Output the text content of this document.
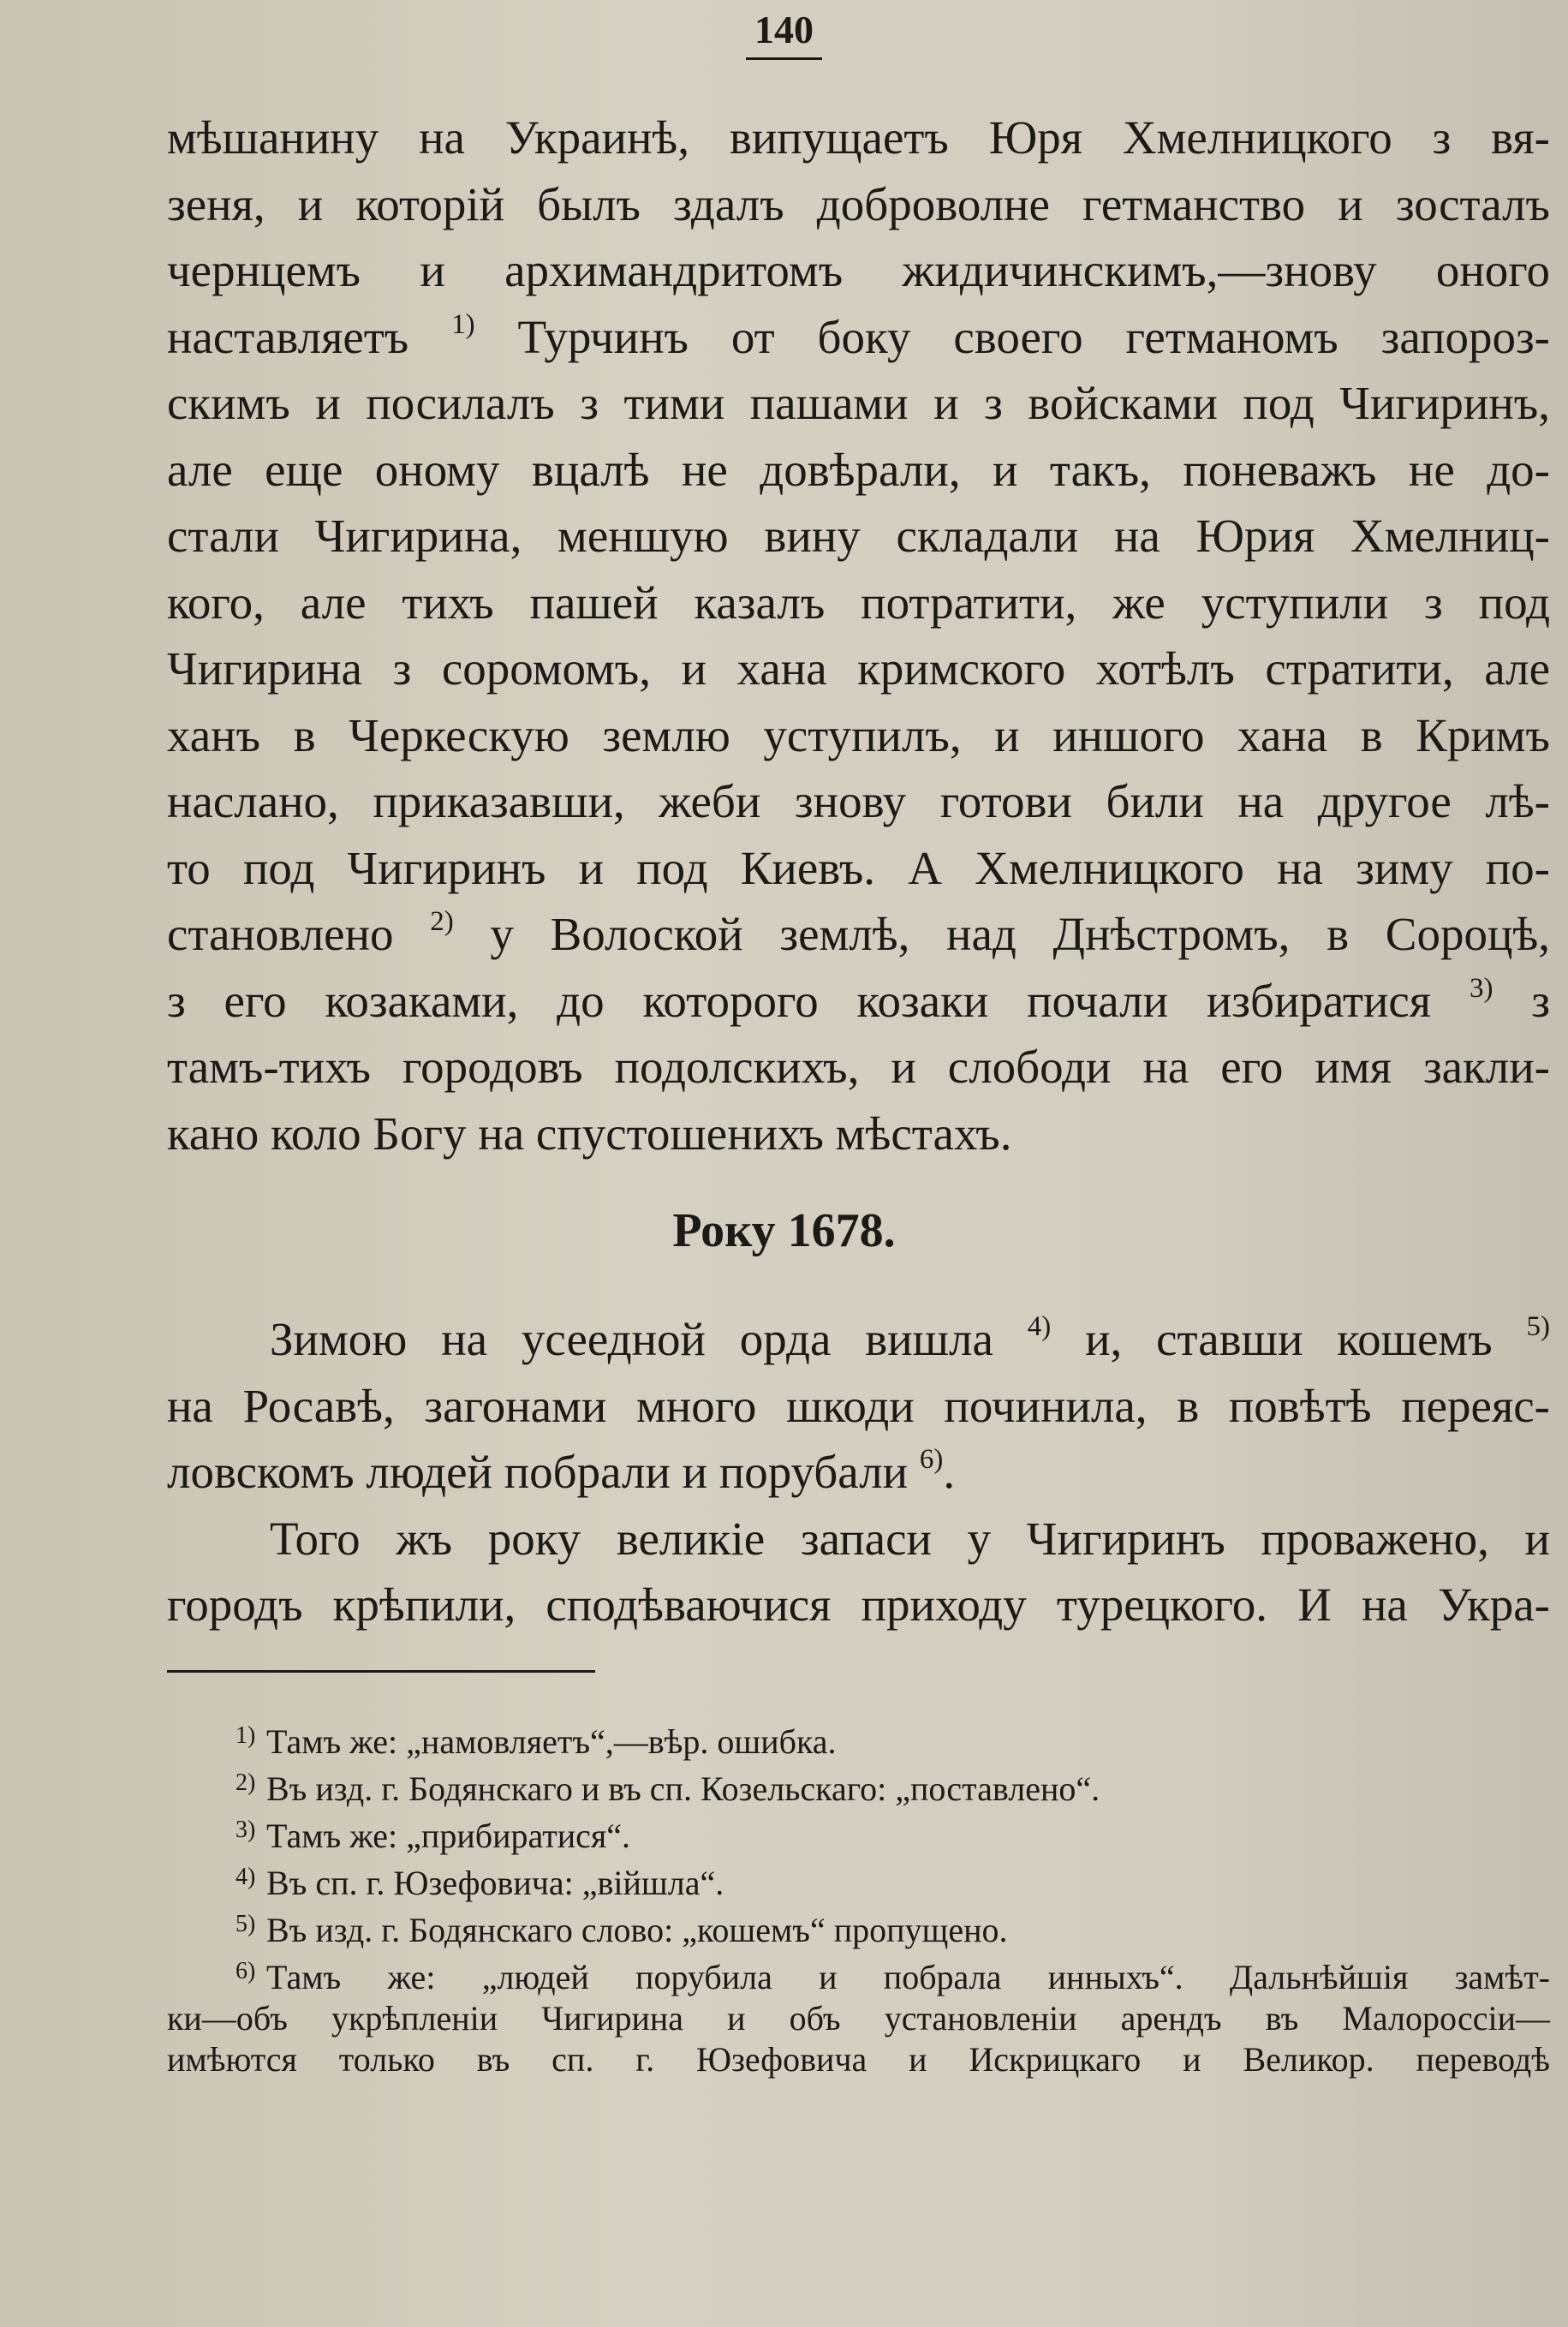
140
мѣшанину на Украинѣ, випущаетъ Юря Хмелницкого з вя-
зеня, и которій былъ здалъ доброволне гетманство и зосталъ
чернцемъ и архимандритомъ жидичинскимъ,—знову оного
наставляетъ $^{1)}$ Турчинъ от боку своего гетманомъ запороз-
скимъ и посилалъ з тими пашами и з войсками под Чигиринъ,
але еще оному вцалѣ не довѣрали, и такъ, поневажъ не до-
стали Чигирина, меншую вину складали на Юрия Хмелниц-
кого, але тихъ пашей казалъ потратити, же уступили з под
Чигирина з соромомъ, и хана кримского хотѣлъ стратити, але
ханъ в Черкескую землю уступилъ, и иншого хана в Кримъ
наслано, приказавши, жеби знову готови били на другое лѣ-
то под Чигиринъ и под Киевъ. А Хмелницкого на зиму по-
становлено $^{2)}$ у Волоской землѣ, над Днѣстромъ, в Сороцѣ,
з его козаками, до которого козаки почали избиратися $^{3)}$ з
тамъ-тихъ городовъ подолскихъ, и слободи на его имя закли-
кано коло Богу на спустошенихъ мѣстахъ.
Року 1678.
Зимою на усеедной орда вишла $^{4)}$ и, ставши кошемъ $^{5)}$
на Росавѣ, загонами много шкоди починила, в повѣтѣ переяс-
ловскомъ людей побрали и порубали $^{6)}$.
Того жъ року великіе запаси у Чигиринъ проважено, и
городъ крѣпили, сподѣваючися приходу турецкого. И на Укра-
1) Тамъ же: „намовляетъ“,—вѣр. ошибка.
2) Въ изд. г. Бодянскаго и въ сп. Козельскаго: „поставлено“.
3) Тамъ же: „прибиратися“.
4) Въ сп. г. Юзефовича: „війшла“.
5) Въ изд. г. Бодянскаго слово: „кошемъ“ пропущено.
6) Тамъ же: „людей порубила и побрала инныхъ“. Дальнѣйшія замѣт-
ки—объ укрѣпленіи Чигирина и объ установленіи арендъ въ Малороссіи—
имѣются только въ сп. г. Юзефовича и Искрицкаго и Великор. переводѣ
